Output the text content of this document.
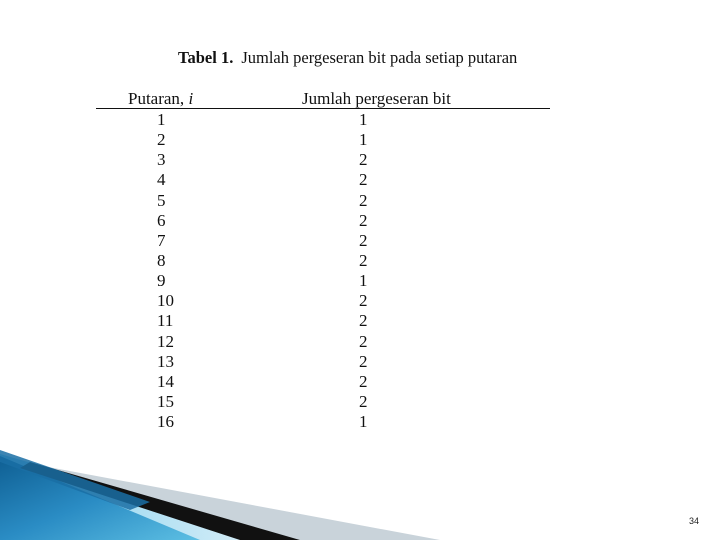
Tabel 1. Jumlah pergeseran bit pada setiap putaran
Putaran, i	Jumlah pergeseran bit
1	1
2	1
3	2
4	2
5	2
6	2
7	2
8	2
9	1
10	2
11	2
12	2
13	2
14	2
15	2
16	1
34
